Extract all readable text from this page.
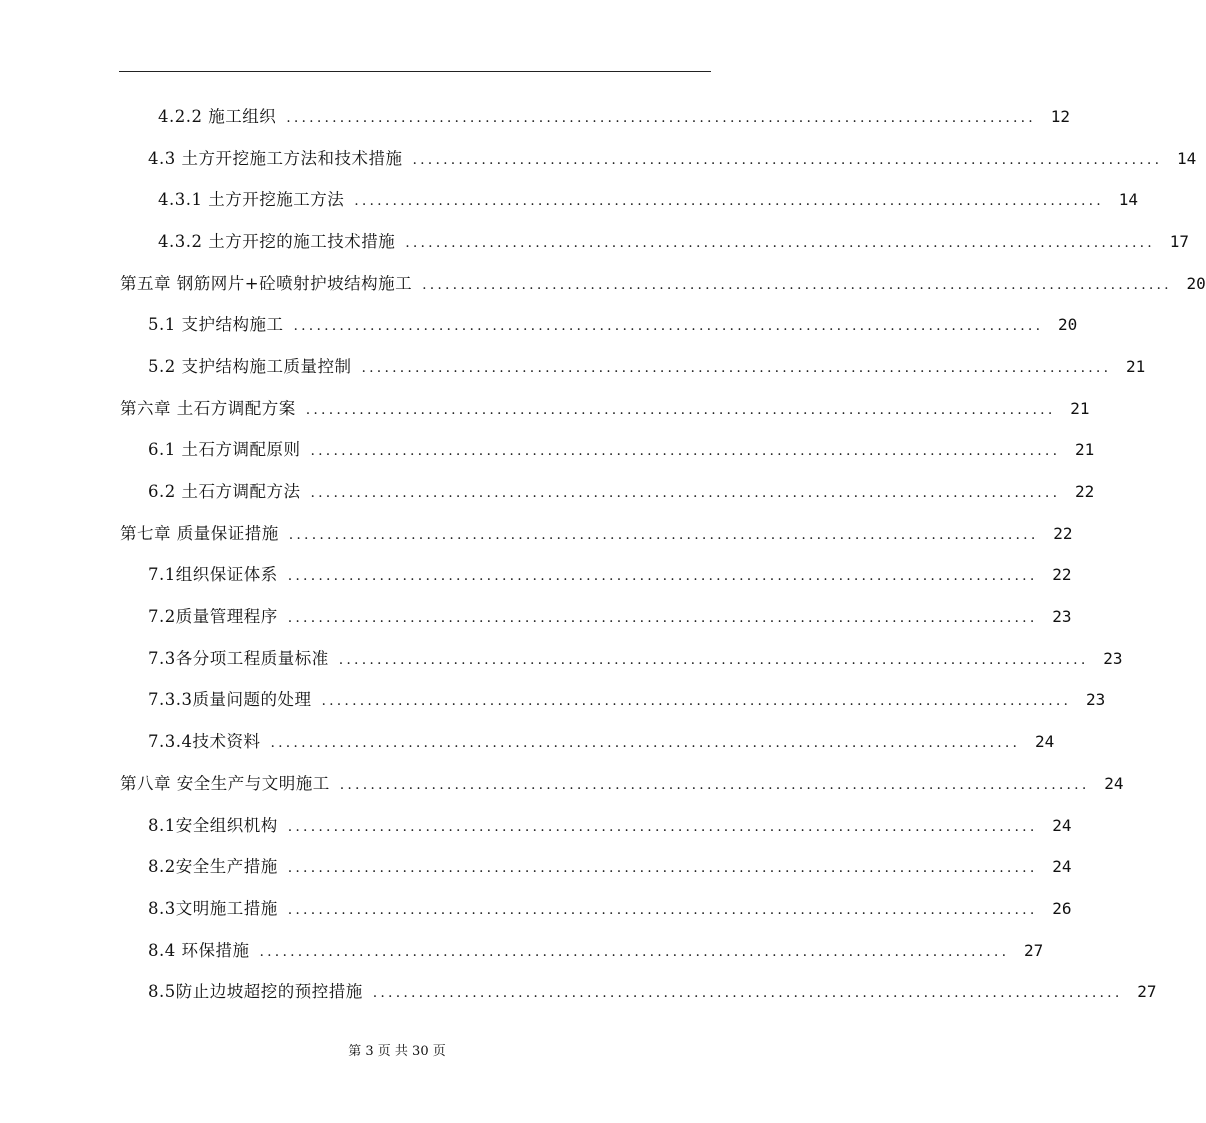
4.2.2 施工组织 .................................................................................................. 12
4.3 土方开挖施工方法和技术措施 .................................................................................................. 14
4.3.1 土方开挖施工方法 .................................................................................................. 14
4.3.2 土方开挖的施工技术措施 .................................................................................................. 17
第五章 钢筋网片+砼喷射护坡结构施工 .................................................................................................. 20
5.1 支护结构施工 .................................................................................................. 20
5.2 支护结构施工质量控制 .................................................................................................. 21
第六章 土石方调配方案 .................................................................................................. 21
6.1 土石方调配原则 .................................................................................................. 21
6.2 土石方调配方法 .................................................................................................. 22
第七章 质量保证措施 .................................................................................................. 22
7.1组织保证体系 .................................................................................................. 22
7.2质量管理程序 .................................................................................................. 23
7.3各分项工程质量标准 .................................................................................................. 23
7.3.3质量问题的处理 .................................................................................................. 23
7.3.4技术资料 .................................................................................................. 24
第八章 安全生产与文明施工 .................................................................................................. 24
8.1安全组织机构 .................................................................................................. 24
8.2安全生产措施 .................................................................................................. 24
8.3文明施工措施 .................................................................................................. 26
8.4 环保措施 .................................................................................................. 27
8.5防止边坡超挖的预控措施 .................................................................................................. 27
第 3 页 共 30 页
